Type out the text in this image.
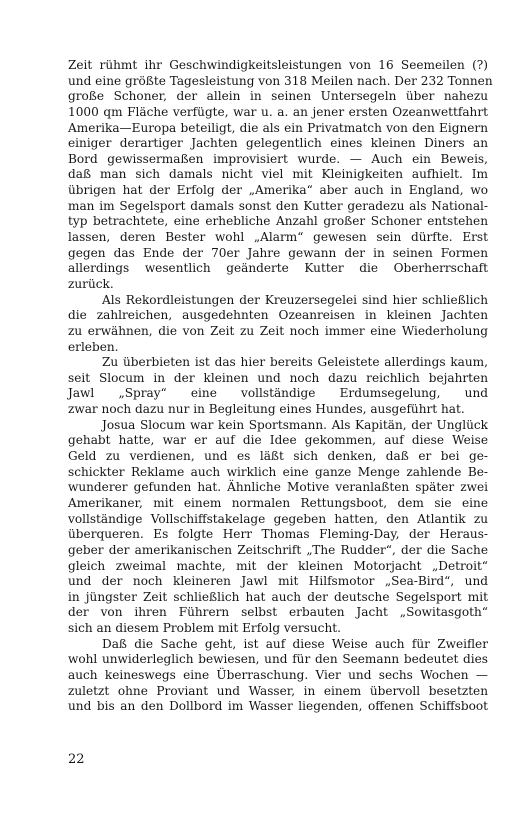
Zeit rühmt ihr Geschwindigkeitsleistungen von 16 Seemeilen (?)
und eine größte Tagesleistung von 318 Meilen nach. Der 232 Tonnen
große Schoner, der allein in seinen Untersegeln über nahezu
1000 qm Fläche verfügte, war u. a. an jener ersten Ozeanwettfahrt
Amerika—Europa beteiligt, die als ein Privatmatch von den Eignern
einiger derartiger Jachten gelegentlich eines kleinen Diners an
Bord gewissermaßen improvisiert wurde. — Auch ein Beweis,
daß man sich damals nicht viel mit Kleinigkeiten aufhielt. Im
übrigen hat der Erfolg der „Amerika“ aber auch in England, wo
man im Segelsport damals sonst den Kutter geradezu als National-
typ betrachtete, eine erhebliche Anzahl großer Schoner entstehen
lassen, deren Bester wohl „Alarm“ gewesen sein dürfte. Erst
gegen das Ende der 70er Jahre gewann der in seinen Formen
allerdings wesentlich geänderte Kutter die Oberherrschaft
zurück.
Als Rekordleistungen der Kreuzersegelei sind hier schließlich
die zahlreichen, ausgedehnten Ozeanreisen in kleinen Jachten
zu erwähnen, die von Zeit zu Zeit noch immer eine Wiederholung
erleben.
Zu überbieten ist das hier bereits Geleistete allerdings kaum,
seit Slocum in der kleinen und noch dazu reichlich bejahrten
Jawl „Spray“ eine vollständige Erdumsegelung, und
zwar noch dazu nur in Begleitung eines Hundes, ausgeführt hat.
Josua Slocum war kein Sportsmann. Als Kapitän, der Unglück
gehabt hatte, war er auf die Idee gekommen, auf diese Weise
Geld zu verdienen, und es läßt sich denken, daß er bei ge-
schickter Reklame auch wirklich eine ganze Menge zahlende Be-
wunderer gefunden hat. Ähnliche Motive veranlaßten später zwei
Amerikaner, mit einem normalen Rettungsboot, dem sie eine
vollständige Vollschiffstakelage gegeben hatten, den Atlantik zu
überqueren. Es folgte Herr Thomas Fleming-Day, der Heraus-
geber der amerikanischen Zeitschrift „The Rudder“, der die Sache
gleich zweimal machte, mit der kleinen Motorjacht „Detroit“
und der noch kleineren Jawl mit Hilfsmotor „Sea-Bird“, und
in jüngster Zeit schließlich hat auch der deutsche Segelsport mit
der von ihren Führern selbst erbauten Jacht „Sowitasgoth“
sich an diesem Problem mit Erfolg versucht.
Daß die Sache geht, ist auf diese Weise auch für Zweifler
wohl unwiderleglich bewiesen, und für den Seemann bedeutet dies
auch keineswegs eine Überraschung. Vier und sechs Wochen —
zuletzt ohne Proviant und Wasser, in einem übervoll besetzten
und bis an den Dollbord im Wasser liegenden, offenen Schiffsboot
22
